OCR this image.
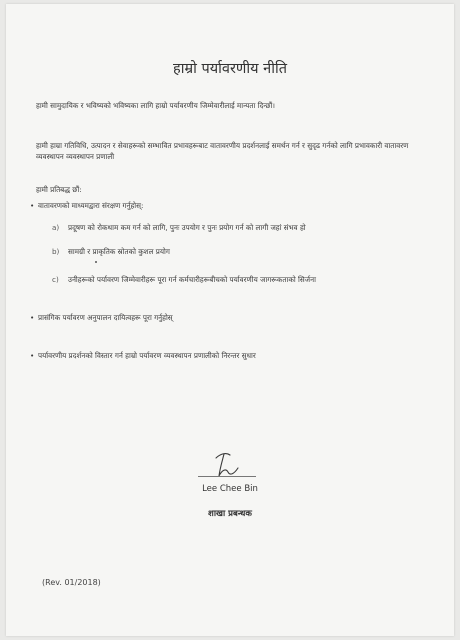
हाम्रो पर्यावरणीय नीति
हामी सामुदायिक र भविष्यको भविष्यका लागि हाम्रो पर्यावरणीय जिम्मेवारीलाई मान्यता दिन्छौं।
हामी हाम्रा गतिविधि, उत्पादन र सेवाहरूको सम्भावित प्रभावहरूबाट वातावरणीय प्रदर्शनलाई समर्थन गर्न र सुदृढ गर्नको लागि प्रभावकारी वातावरण व्यवस्थापन व्यवस्थापन प्रणाली
हामी प्रतिबद्ध छौं:
• वातावरणको माध्यमद्वारा संरक्षण गर्नुहोस्:
a) प्रदूषण को रोकथाम कम गर्न को लागि, पुनः उपयोग र पुनः प्रयोग गर्न को लागी जहां संभव हो
b) सामग्री र प्राकृतिक स्रोतको कुशल प्रयोग
c) उनीहरूको पर्यावरण जिम्मेवारीहरू पूरा गर्न कर्मचारीहरूबीचको पर्यावरणीय जागरूकताको सिर्जना
• प्रासंगिक पर्यावरण अनुपालन दायित्वहरू पूरा गर्नुहोस्
• पर्यावरणीय प्रदर्शनको विस्तार गर्न हाम्रो पर्यावरण व्यवस्थापन प्रणालीको निरन्तर सुधार
Lee Chee Bin
शाखा प्रबन्धक
(Rev. 01/2018)
